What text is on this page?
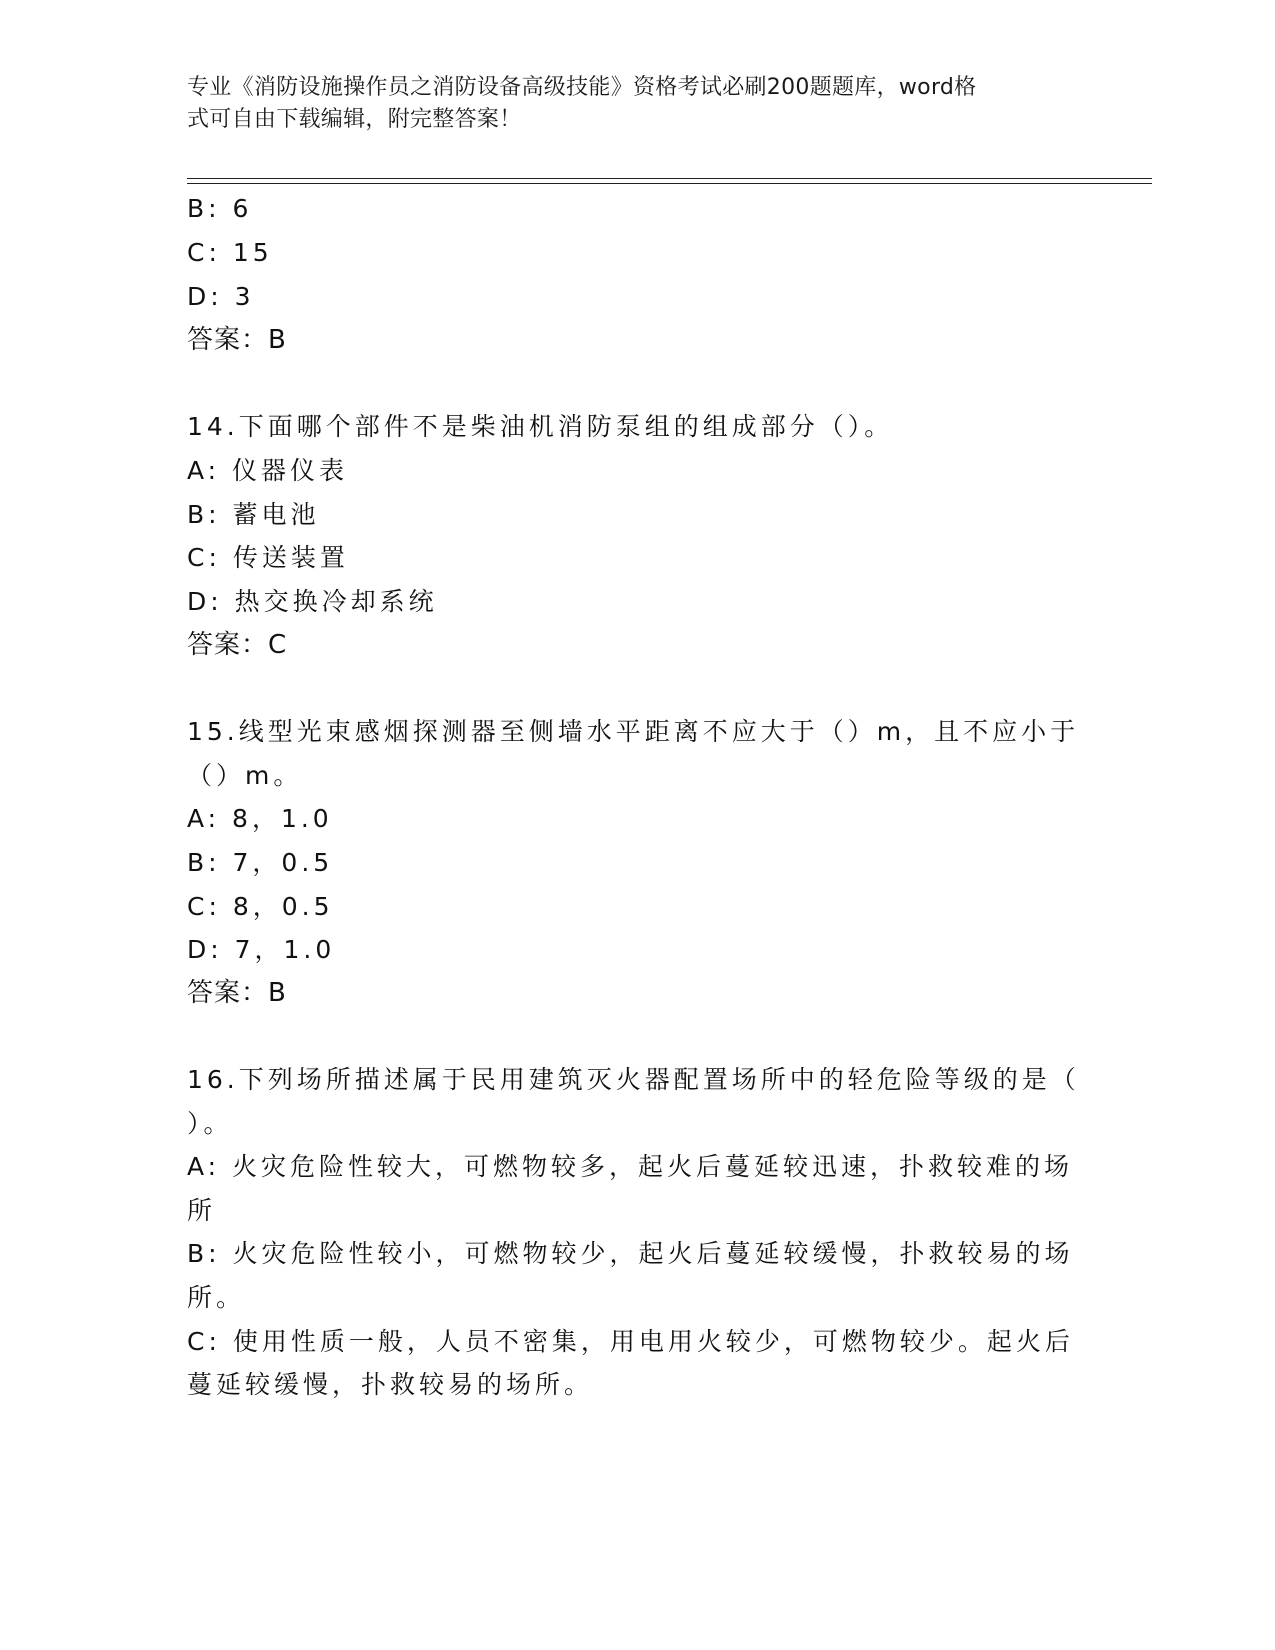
专业《消防设施操作员之消防设备高级技能》资格考试必刷200题题库，word格
式可自由下载编辑，附完整答案！
B: 6
C: 15
D: 3
答案：B
14.下面哪个部件不是柴油机消防泵组的组成部分（）。
A: 仪器仪表
B: 蓄电池
C: 传送装置
D: 热交换冷却系统
答案：C
15.线型光束感烟探测器至侧墙水平距离不应大于（）m，且不应小于
（）m。
A: 8，1.0
B: 7，0.5
C: 8，0.5
D: 7，1.0
答案：B
16.下列场所描述属于民用建筑灭火器配置场所中的轻危险等级的是（
）。
A: 火灾危险性较大，可燃物较多，起火后蔓延较迅速，扑救较难的场
所
B: 火灾危险性较小，可燃物较少，起火后蔓延较缓慢，扑救较易的场
所。
C: 使用性质一般，人员不密集，用电用火较少，可燃物较少。起火后
蔓延较缓慢，扑救较易的场所。
